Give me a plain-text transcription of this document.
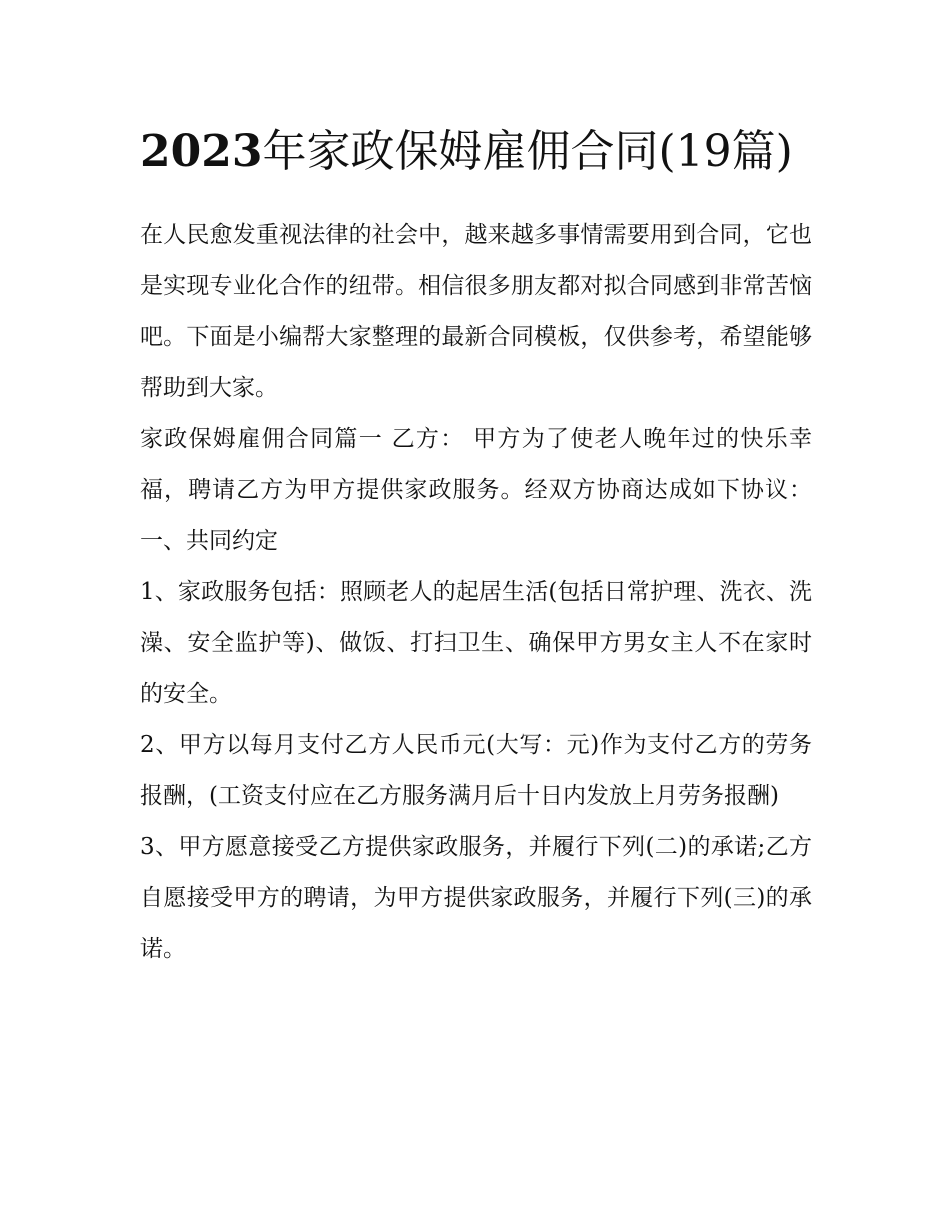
2023年家政保姆雇佣合同(19篇)

在人民愈发重视法律的社会中，越来越多事情需要用到合同，它也是实现专业化合作的纽带。相信很多朋友都对拟合同感到非常苦恼吧。下面是小编帮大家整理的最新合同模板，仅供参考，希望能够帮助到大家。

家政保姆雇佣合同篇一 乙方： 甲方为了使老人晚年过的快乐幸福，聘请乙方为甲方提供家政服务。经双方协商达成如下协议： 一、共同约定

1、家政服务包括：照顾老人的起居生活(包括日常护理、洗衣、洗澡、安全监护等)、做饭、打扫卫生、确保甲方男女主人不在家时的安全。

2、甲方以每月支付乙方人民币元(大写：元)作为支付乙方的劳务报酬，(工资支付应在乙方服务满月后十日内发放上月劳务报酬)

3、甲方愿意接受乙方提供家政服务，并履行下列(二)的承诺;乙方自愿接受甲方的聘请，为甲方提供家政服务，并履行下列(三)的承诺。
